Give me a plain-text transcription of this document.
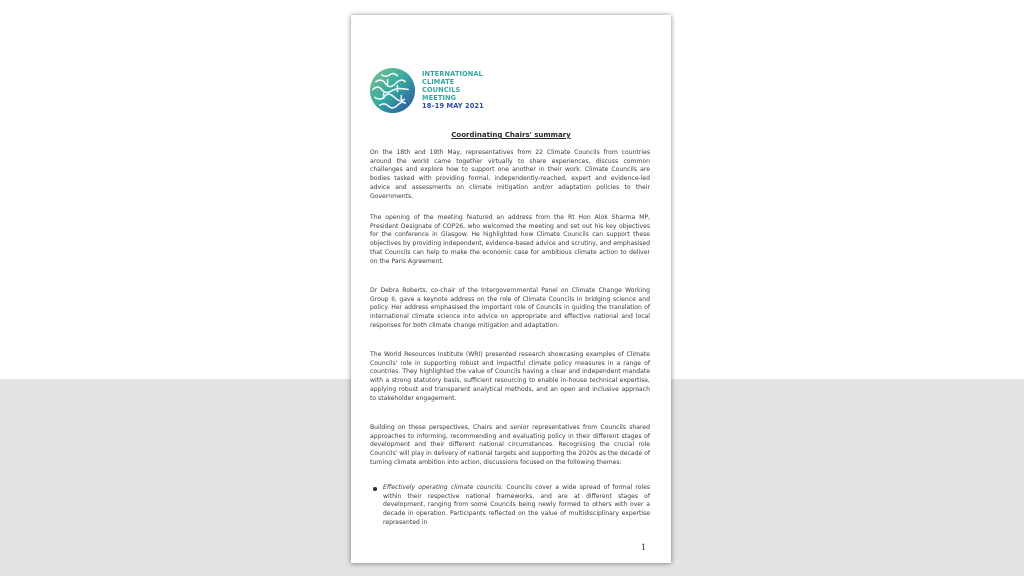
INTERNATIONAL
CLIMATE
COUNCILS
MEETING
18–19 MAY 2021
Coordinating Chairs' summary

On the 18th and 19th May, representatives from 22 Climate Councils from countries around the world came together virtually to share experiences, discuss common challenges and explore how to support one another in their work. Climate Councils are bodies tasked with providing formal, independently-reached, expert and evidence-led advice and assessments on climate mitigation and/or adaptation policies to their Governments.

The opening of the meeting featured an address from the Rt Hon Alok Sharma MP, President Designate of COP26, who welcomed the meeting and set out his key objectives for the conference in Glasgow. He highlighted how Climate Councils can support these objectives by providing independent, evidence-based advice and scrutiny, and emphasised that Councils can help to make the economic case for ambitious climate action to deliver on the Paris Agreement.

Dr Debra Roberts, co-chair of the Intergovernmental Panel on Climate Change Working Group II, gave a keynote address on the role of Climate Councils in bridging science and policy. Her address emphasised the important role of Councils in guiding the translation of international climate science into advice on appropriate and effective national and local responses for both climate change mitigation and adaptation.

The World Resources Institute (WRI) presented research showcasing examples of Climate Councils' role in supporting robust and impactful climate policy measures in a range of countries. They highlighted the value of Councils having a clear and independent mandate with a strong statutory basis, sufficient resourcing to enable in-house technical expertise, applying robust and transparent analytical methods, and an open and inclusive approach to stakeholder engagement.

Building on these perspectives, Chairs and senior representatives from Councils shared approaches to informing, recommending and evaluating policy in their different stages of development and their different national circumstances. Recognising the crucial role Councils' will play in delivery of national targets and supporting the 2020s as the decade of turning climate ambition into action, discussions focused on the following themes:

Effectively operating climate councils: Councils cover a wide spread of formal roles within their respective national frameworks, and are at different stages of development, ranging from some Councils being newly formed to others with over a decade in operation. Participants reflected on the value of multidisciplinary expertise represented in
1
